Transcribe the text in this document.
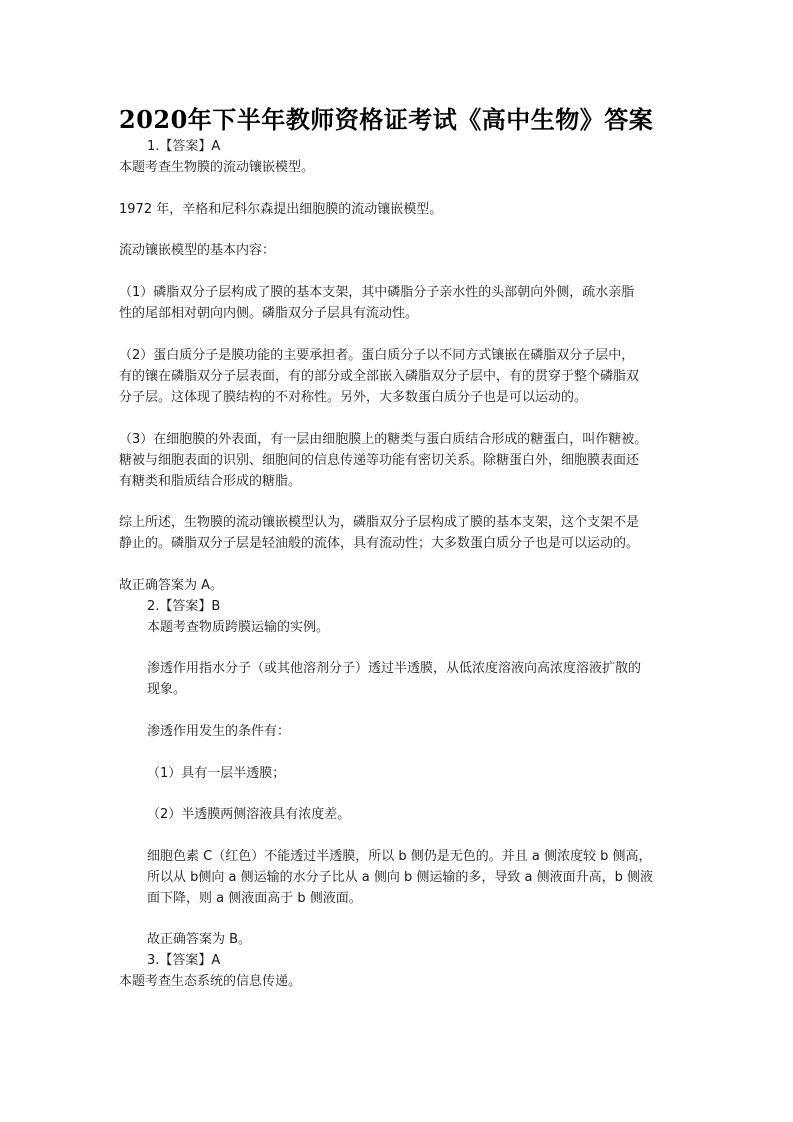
2020年下半年教师资格证考试《高中生物》答案
1.【答案】A
本题考查生物膜的流动镶嵌模型。
1972 年，辛格和尼科尔森提出细胞膜的流动镶嵌模型。
流动镶嵌模型的基本内容：
（1）磷脂双分子层构成了膜的基本支架，其中磷脂分子亲水性的头部朝向外侧，疏水亲脂
性的尾部相对朝向内侧。磷脂双分子层具有流动性。
（2）蛋白质分子是膜功能的主要承担者。蛋白质分子以不同方式镶嵌在磷脂双分子层中，
有的镶在磷脂双分子层表面，有的部分或全部嵌入磷脂双分子层中，有的贯穿于整个磷脂双
分子层。这体现了膜结构的不对称性。另外，大多数蛋白质分子也是可以运动的。
（3）在细胞膜的外表面，有一层由细胞膜上的糖类与蛋白质结合形成的糖蛋白，叫作糖被。
糖被与细胞表面的识别、细胞间的信息传递等功能有密切关系。除糖蛋白外，细胞膜表面还
有糖类和脂质结合形成的糖脂。
综上所述，生物膜的流动镶嵌模型认为，磷脂双分子层构成了膜的基本支架，这个支架不是
静止的。磷脂双分子层是轻油般的流体，具有流动性；大多数蛋白质分子也是可以运动的。
故正确答案为 A。
2.【答案】B
本题考查物质跨膜运输的实例。
渗透作用指水分子（或其他溶剂分子）透过半透膜，从低浓度溶液向高浓度溶液扩散的
现象。
渗透作用发生的条件有：
（1）具有一层半透膜；
（2）半透膜两侧溶液具有浓度差。
细胞色素 C（红色）不能透过半透膜，所以 b 侧仍是无色的。并且 a 侧浓度较 b 侧高，
所以从 b侧向 a 侧运输的水分子比从 a 侧向 b 侧运输的多，导致 a 侧液面升高，b 侧液
面下降，则 a 侧液面高于 b 侧液面。
故正确答案为 B。
3.【答案】A
本题考查生态系统的信息传递。
